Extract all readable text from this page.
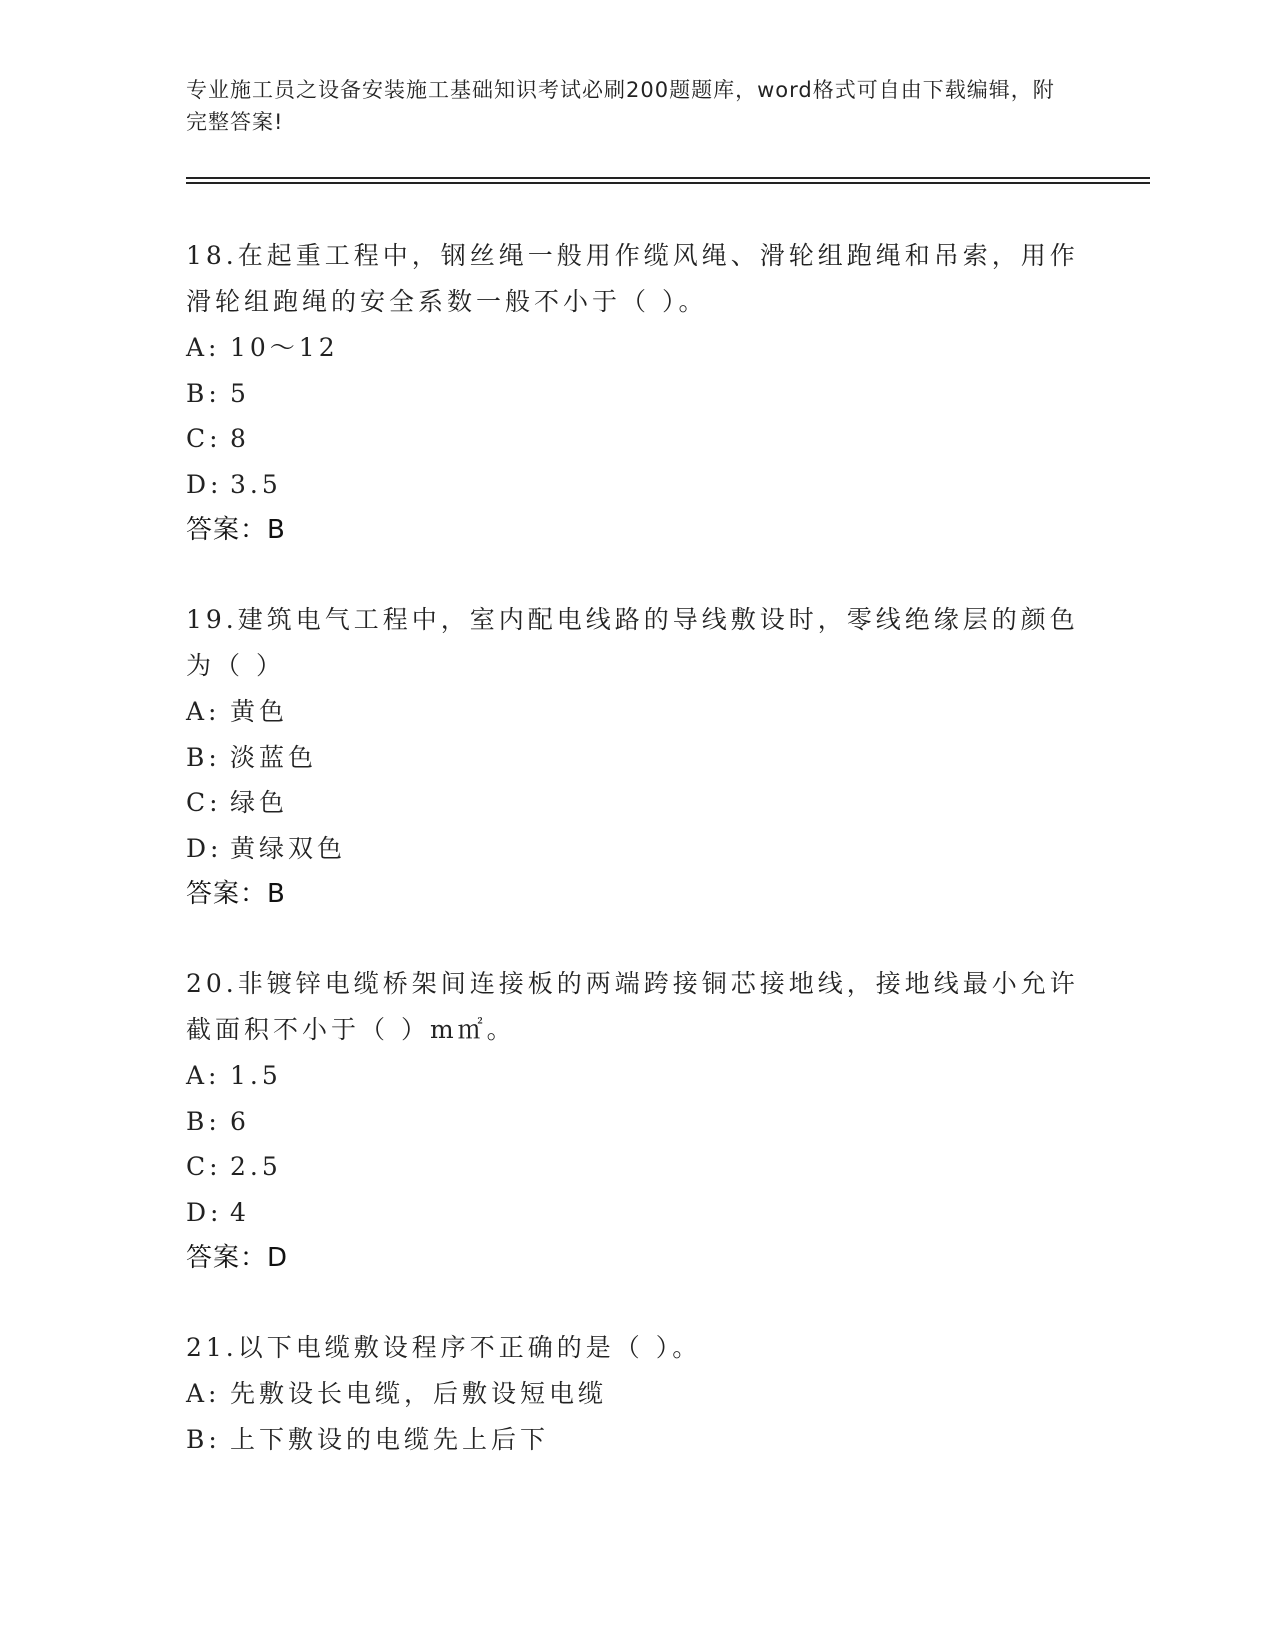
专业施工员之设备安装施工基础知识考试必刷200题题库，word格式可自由下载编辑，附完整答案!

18.在起重工程中，钢丝绳一般用作缆风绳、滑轮组跑绳和吊索，用作滑轮组跑绳的安全系数一般不小于（ ）。

A: 10～12

B: 5

C: 8

D: 3.5

答案：B

19.建筑电气工程中，室内配电线路的导线敷设时，零线绝缘层的颜色为（ ）

A: 黄色

B: 淡蓝色

C: 绿色

D: 黄绿双色

答案：B

20.非镀锌电缆桥架间连接板的两端跨接铜芯接地线，接地线最小允许截面积不小于（ ）m㎡。

A: 1.5

B: 6

C: 2.5

D: 4

答案：D

21.以下电缆敷设程序不正确的是（ ）。

A: 先敷设长电缆，后敷设短电缆

B: 上下敷设的电缆先上后下
